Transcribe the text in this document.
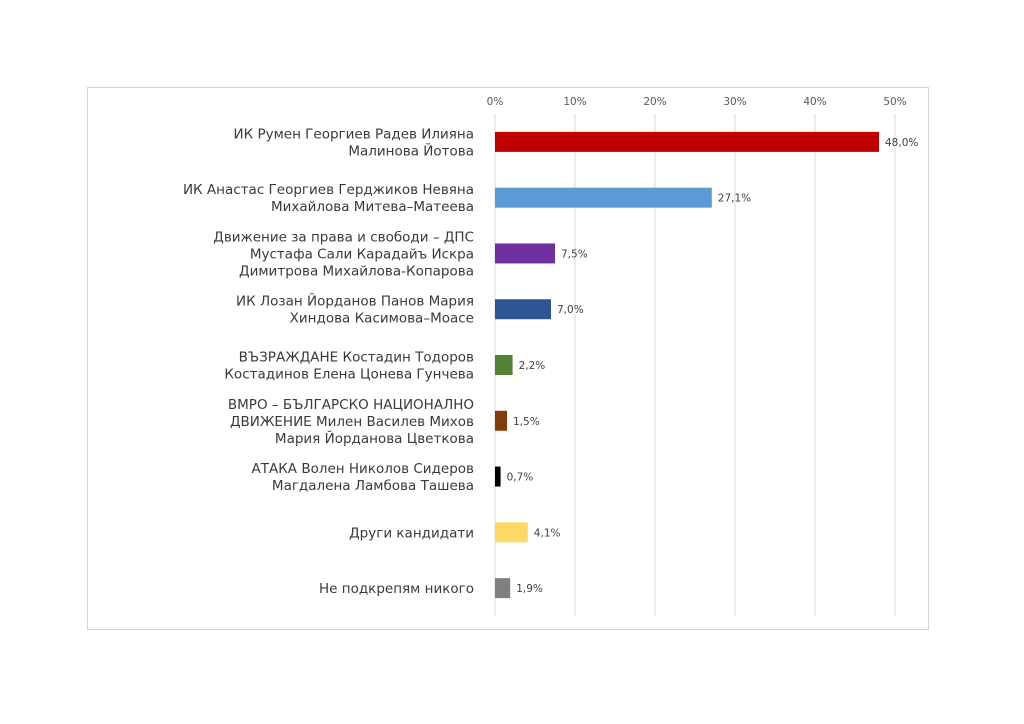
0%	10%	20%	30%	40%	50%
48,0%
ИК Румен Георгиев Радев Илияна Малинова Йотова
27,1%
ИК Анастас Георгиев Герджиков Невяна Михайлова Митева–Матеева
7,5%
Движение за права и свободи – ДПС Мустафа Сали Карадайъ Искра Димитрова Михайлова-Копарова
7,0%
ИК Лозан Йорданов Панов Мария Хиндова Касимова–Моасе
2,2%
ВЪЗРАЖДАНЕ Костадин Тодоров Костадинов Елена Цонева Гунчева
1,5%
ВМРО – БЪЛГАРСКО НАЦИОНАЛНО ДВИЖЕНИЕ Милен Василев Михов Мария Йорданова Цветкова
0,7%
АТАКА Волен Николов Сидеров Магдалена Ламбова Ташева
4,1%
Други кандидати
1,9%
Не подкрепям никого
